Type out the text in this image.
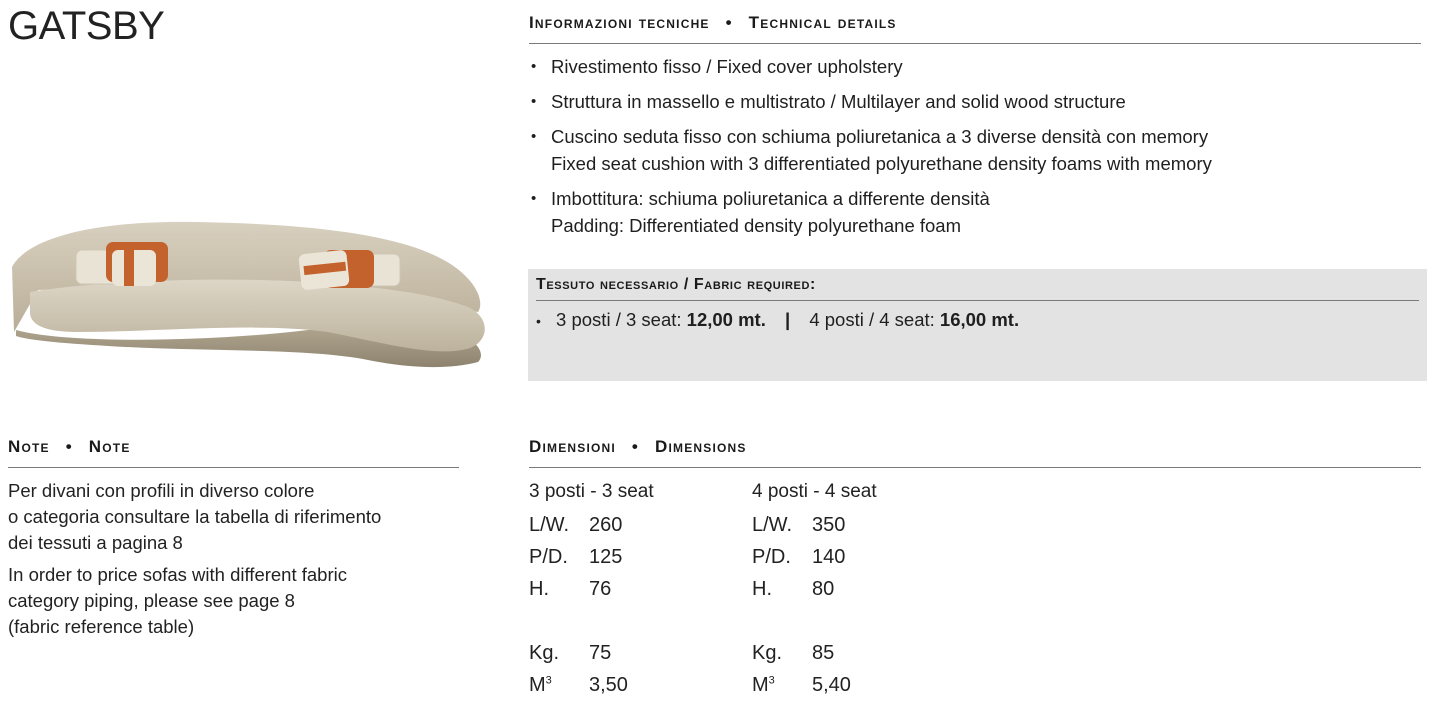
GATSBY	Informazioni tecniche • Technical details
• Rivestimento fisso / Fixed cover upholstery
• Struttura in massello e multistrato / Multilayer and solid wood structure
• Cuscino seduta fisso con schiuma poliuretanica a 3 diverse densità con memory
Fixed seat cushion with 3 differentiated polyurethane density foams with memory
• Imbottitura: schiuma poliuretanica a differente densità
Padding: Differentiated density polyurethane foam
Tessuto necessario / Fabric required:
• 3 posti / 3 seat: 12,00 mt. | 4 posti / 4 seat: 16,00 mt.
Note • Note
Per divani con profili in diverso colore
o categoria consultare la tabella di riferimento
dei tessuti a pagina 8
In order to price sofas with different fabric
category piping, please see page 8
(fabric reference table)
Dimensioni • Dimensions
3 posti - 3 seat
L/W.	260
P/D.	125
H.	76

Kg.	75
$M^3$	3,50
4 posti - 4 seat
L/W.	350
P/D.	140
H.	80

Kg.	85
$M^3$	5,40
